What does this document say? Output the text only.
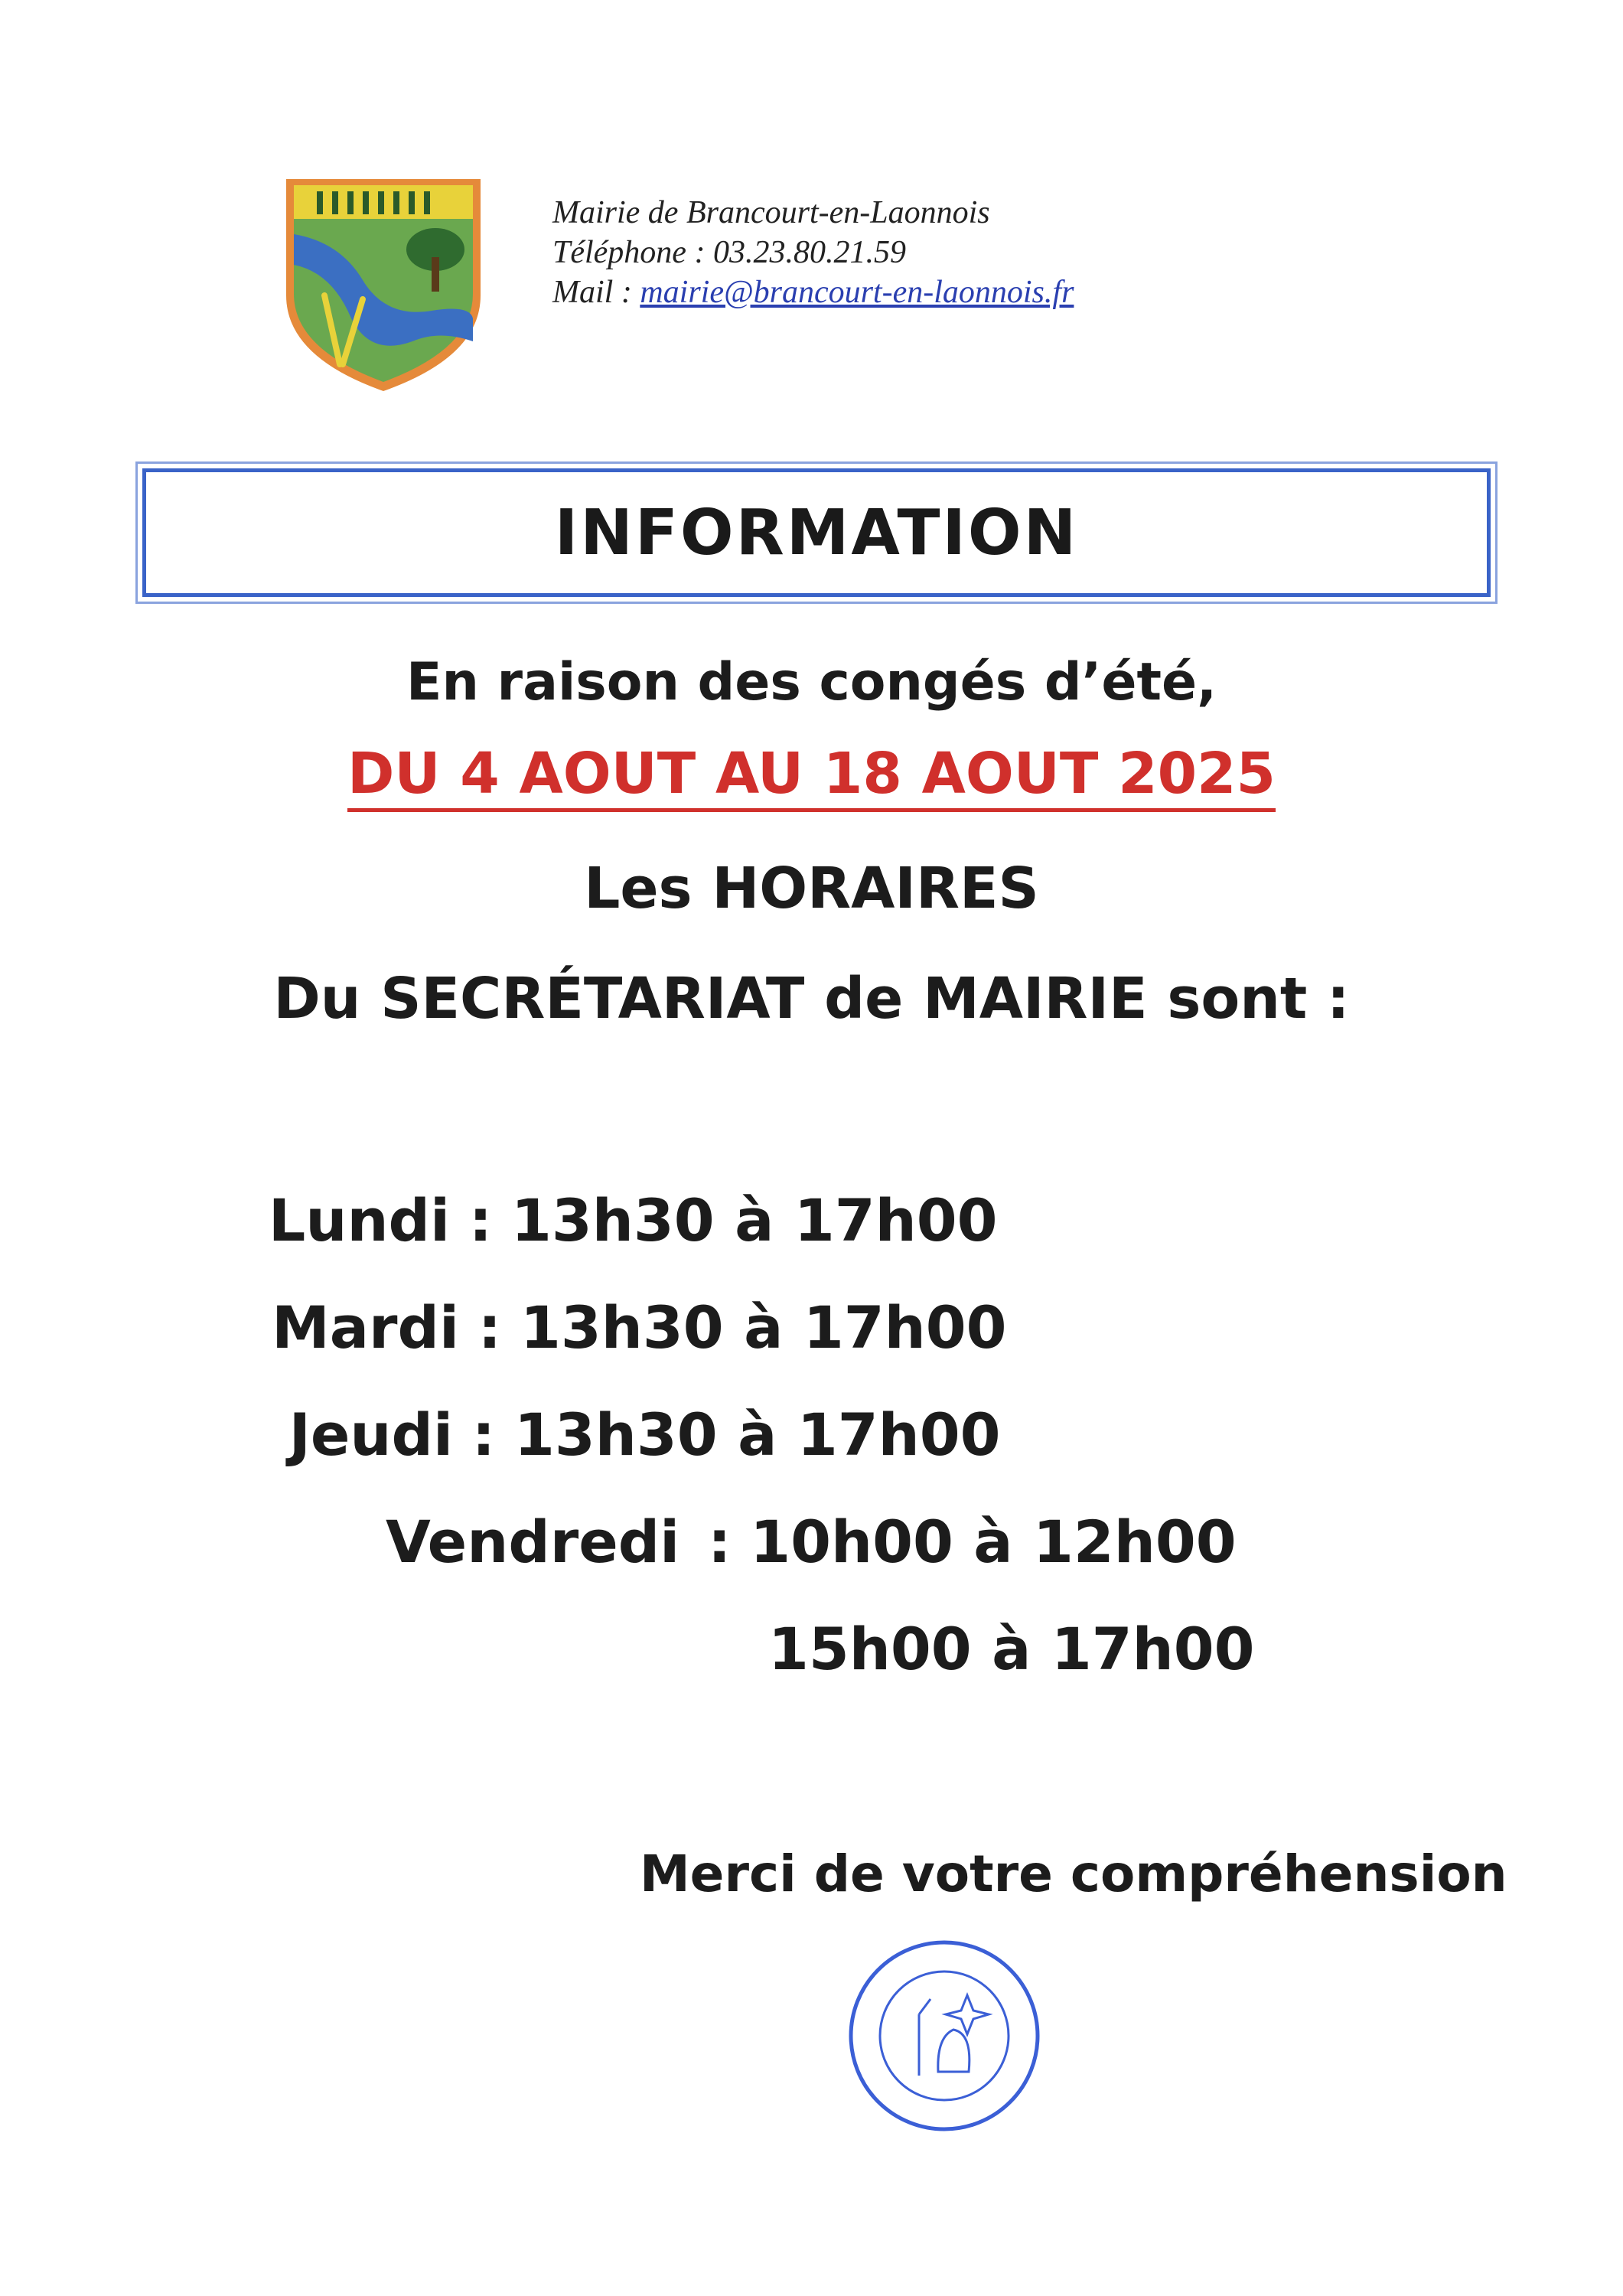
Mairie de Brancourt-en-Laonnois
Téléphone : 03.23.80.21.59
Mail : mairie@brancourt-en-laonnois.fr
INFORMATION
En raison des congés d’été,
DU 4 AOUT AU 18 AOUT 2025
Les HORAIRES
Du SECRÉTARIAT de MAIRIE sont :
Lundi : 13h30 à 17h00
Mardi : 13h30 à 17h00
Jeudi : 13h30 à 17h00
Vendredi : 10h00 à 12h00
15h00 à 17h00
Merci de votre compréhension
